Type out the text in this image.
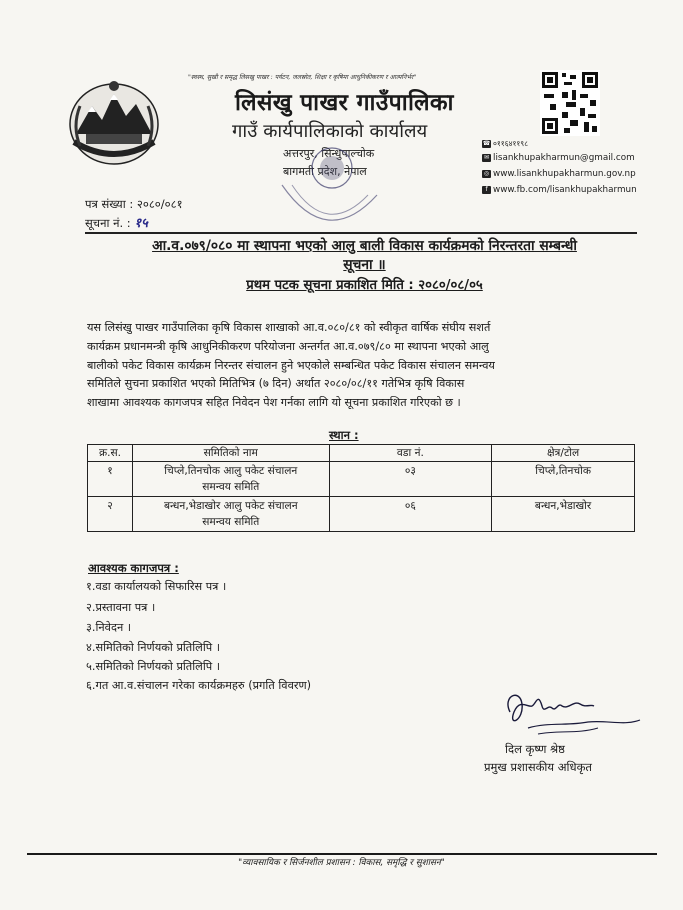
"स्वस्थ, सुखी र समृद्ध लिसखु पाखर : पर्यटन, जलस्रोत, शिक्षा र कृषिमा आधुनिकीकरण र आत्मनिर्भर"
लिसंखु पाखर गाउँपालिका
गाउँ कार्यपालिकाको कार्यालय
अत्तरपुर, सिन्धुपाल्चोक
बागमती प्रदेश, नेपाल
☎ ०११६४११९८
✉ lisankhupakharmun@gmail.com
◎ www.lisankhupakharmun.gov.np
f www.fb.com/lisankhupakharmun
पत्र संख्या : २०८०/०८१
सूचना नं. : १५
आ.व.०७९/०८० मा स्थापना भएको आलु बाली विकास कार्यक्रमको निरन्तरता सम्बन्धी
सूचना ॥
प्रथम पटक सूचना प्रकाशित मिति : २०८०/०८/०५
यस लिसंखु पाखर गाउँपालिका कृषि विकास शाखाको आ.व.०८०/८१ को स्वीकृत वार्षिक संघीय सशर्त
कार्यक्रम प्रधानमन्त्री कृषि आधुनिकीकरण परियोजना अन्तर्गत आ.व.०७९/८० मा स्थापना भएको आलु
बालीको पकेट विकास कार्यक्रम निरन्तर संचालन हुने भएकोले सम्बन्धित पकेट विकास संचालन समन्वय
समितिले सुचना प्रकाशित भएको मितिभित्र (७ दिन) अर्थात २०८०/०८/११ गतेभित्र कृषि विकास
शाखामा आवश्यक कागजपत्र सहित निवेदन पेश गर्नका लागि यो सूचना प्रकाशित गरिएको छ ।
स्थान :
क्र.स.	समितिको नाम	वडा नं.	क्षेत्र/टोल
१	चिप्ले,तिनचोक आलु पकेट संचालन
समन्वय समिति	०३	चिप्ले,तिनचोक
२	बन्धन,भेडाखोर आलु पकेट संचालन
समन्वय समिति	०६	बन्धन,भेडाखोर
आवश्यक कागजपत्र :
१.वडा कार्यालयको सिफारिस पत्र ।
२.प्रस्तावना पत्र ।
३.निवेदन ।
४.समितिको निर्णयको प्रतिलिपि ।
५.समितिको निर्णयको प्रतिलिपि ।
६.गत आ.व.संचालन गरेका कार्यक्रमहरु (प्रगति विवरण)
दिल कृष्ण श्रेष्ठ
प्रमुख प्रशासकीय अधिकृत
"व्यावसायिक र सिर्जनशील प्रशासन : विकास, समृद्धि र सुशासन"
